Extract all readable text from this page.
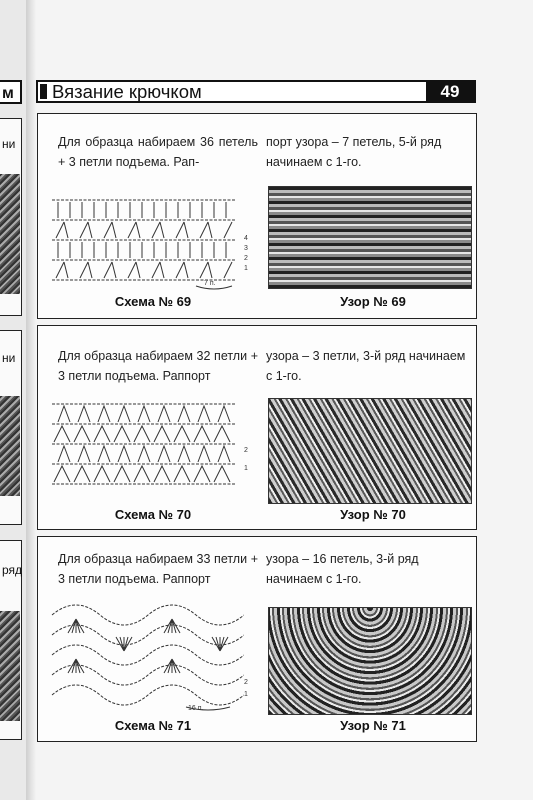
м
ни
ни
ряд
Вязание крючком	49
Для образца набираем 36 петель + 3 петли подъема. Рап-
порт узора – 7 петель, 5-й ряд начинаем с 1-го.
4
3
2
1
7 п.
Схема № 69	Узор № 69
Для образца набираем 32 петли + 3 петли подъема. Раппорт
узора – 3 петли, 3-й ряд начинаем с 1-го.
2
1
Схема № 70	Узор № 70
Для образца набираем 33 петли + 3 петли подъема. Раппорт
узора – 16 петель, 3-й ряд начинаем с 1-го.
2
1
16 п.
Схема № 71	Узор № 71
